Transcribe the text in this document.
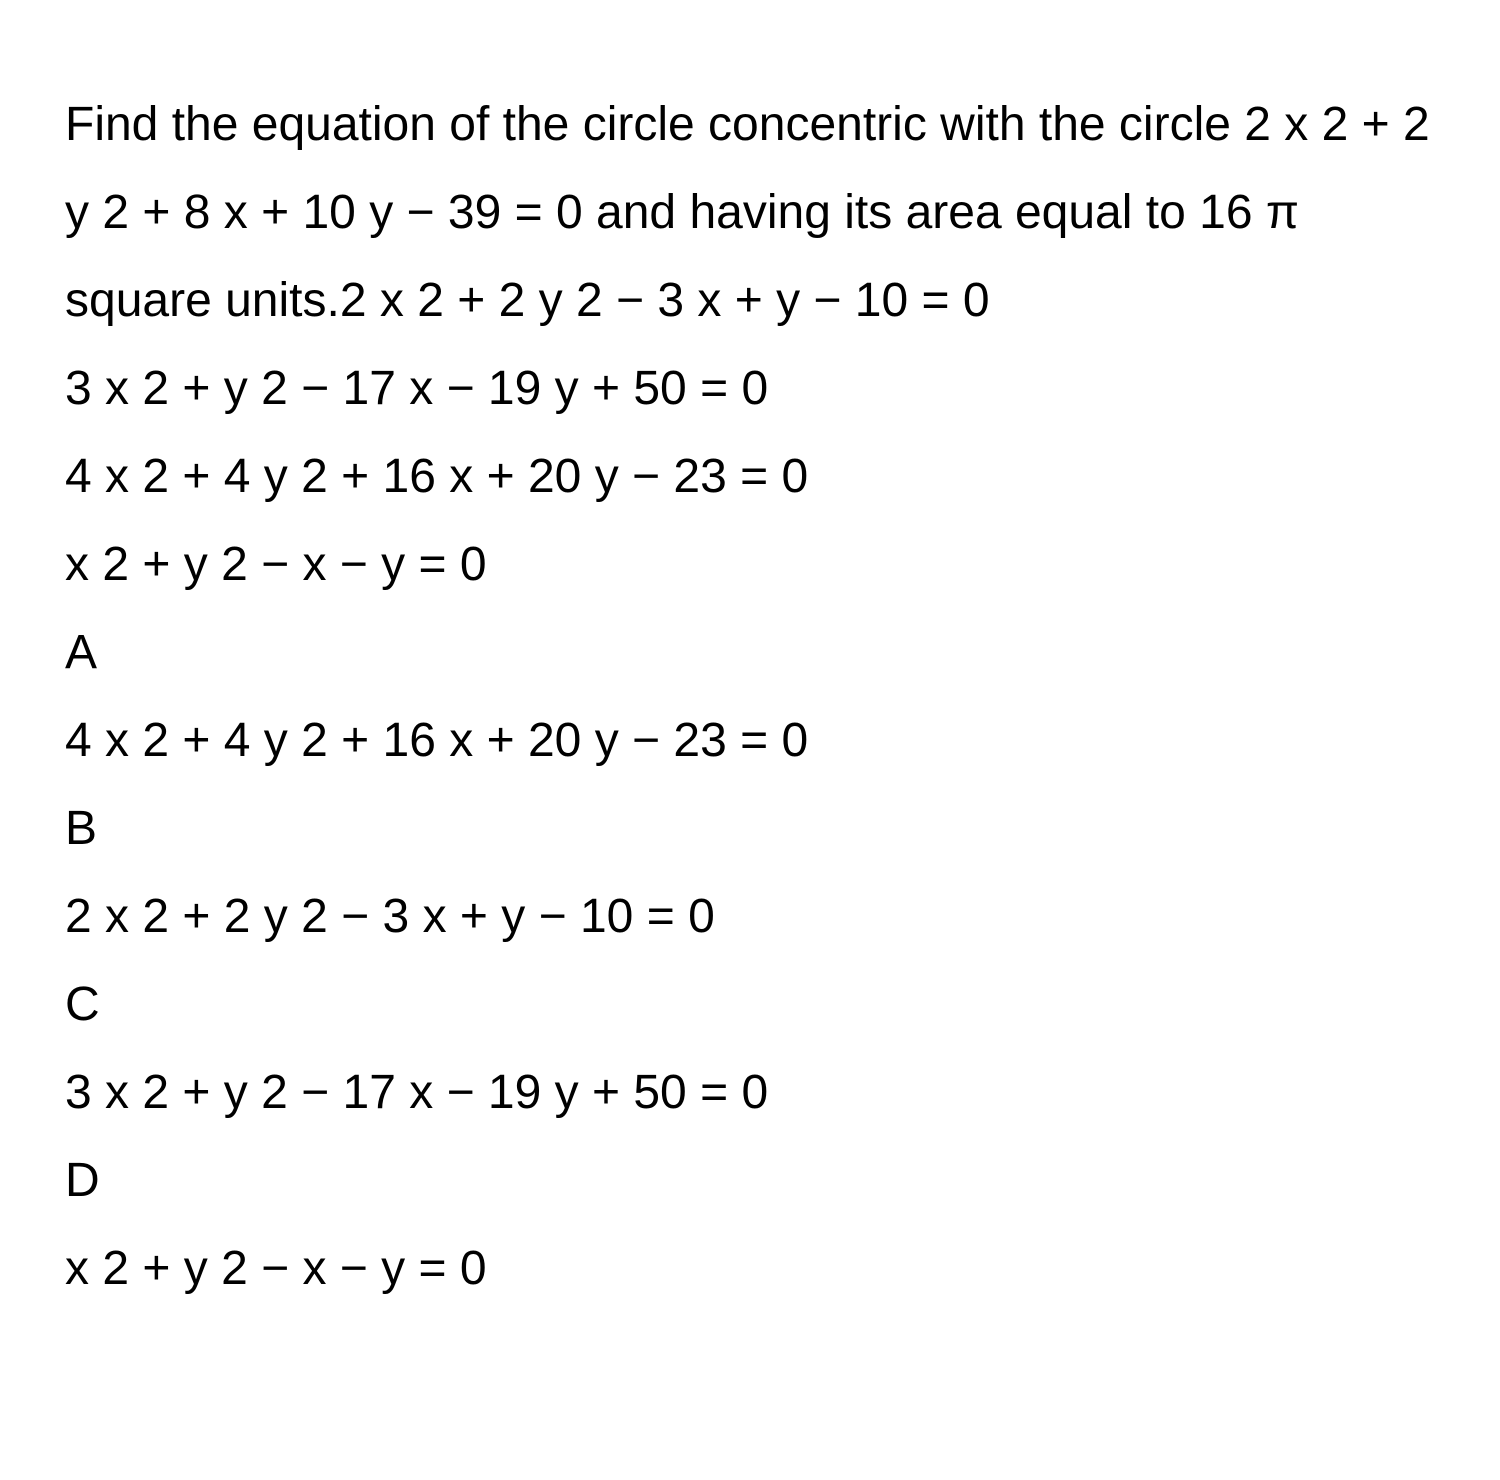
Find the equation of the circle concentric with the circle 2 x 2 + 2 y 2 + 8 x + 10 y − 39 = 0 and having its area equal to 16 π square units.2 x 2 + 2 y 2 − 3 x + y − 10 = 0

3 x 2 + y 2 − 17 x − 19 y + 50 = 0
4 x 2 + 4 y 2 + 16 x + 20 y − 23 = 0
x 2 + y 2 − x − y = 0
A
4 x 2 + 4 y 2 + 16 x + 20 y − 23 = 0
B
2 x 2 + 2 y 2 − 3 x + y − 10 = 0
C
3 x 2 + y 2 − 17 x − 19 y + 50 = 0
D
x 2 + y 2 − x − y = 0
